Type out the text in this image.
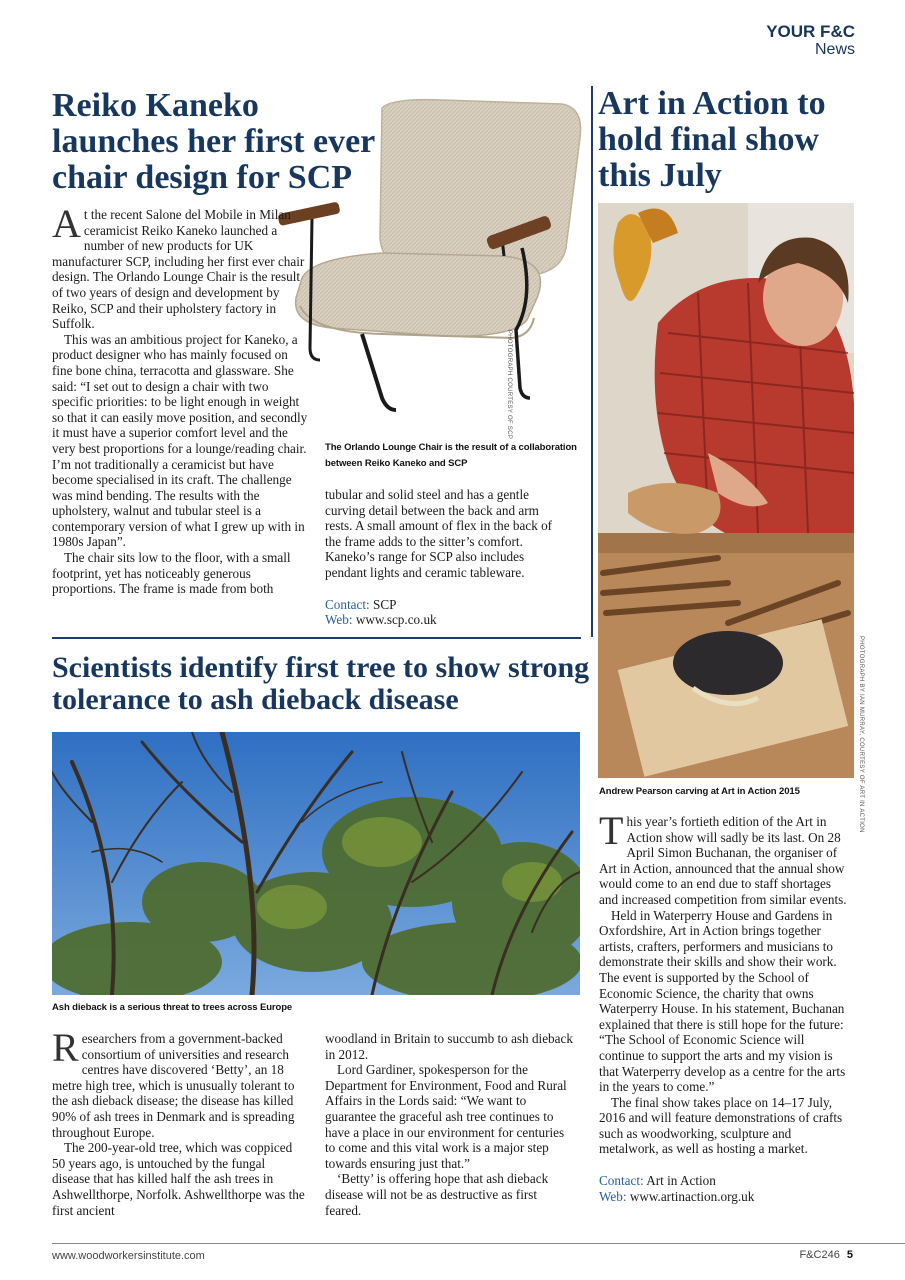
YOUR F&C
News
Reiko Kaneko launches her first ever chair design for SCP
PHOTOGRAPH COURTESY OF SCP

The Orlando Lounge Chair is the result of a collaboration between Reiko Kaneko and SCP

At the recent Salone del Mobile in Milan ceramicist Reiko Kaneko launched a number of new products for UK manufacturer SCP, including her first ever chair design. The Orlando Lounge Chair is the result of two years of design and development by Reiko, SCP and their upholstery factory in Suffolk.

This was an ambitious project for Kaneko, a product designer who has mainly focused on fine bone china, terracotta and glassware. She said: “I set out to design a chair with two specific priorities: to be light enough in weight so that it can easily move position, and secondly it must have a superior comfort level and the very best proportions for a lounge/reading chair. I’m not traditionally a ceramicist but have become specialised in its craft. The challenge was mind bending. The results with the upholstery, walnut and tubular steel is a contemporary version of what I grew up with in 1980s Japan”.

The chair sits low to the floor, with a small footprint, yet has noticeably generous proportions. The frame is made from both

tubular and solid steel and has a gentle curving detail between the back and arm rests. A small amount of flex in the back of the frame adds to the sitter’s comfort. Kaneko’s range for SCP also includes pendant lights and ceramic tableware.

Contact: SCP
Web: www.scp.co.uk
Art in Action to hold final show this July
PHOTOGRAPH BY IAN MURRAY, COURTESY OF ART IN ACTION

Andrew Pearson carving at Art in Action 2015

This year’s fortieth edition of the Art in Action show will sadly be its last. On 28 April Simon Buchanan, the organiser of Art in Action, announced that the annual show would come to an end due to staff shortages and increased competition from similar events.

Held in Waterperry House and Gardens in Oxfordshire, Art in Action brings together artists, crafters, performers and musicians to demonstrate their skills and show their work. The event is supported by the School of Economic Science, the charity that owns Waterperry House. In his statement, Buchanan explained that there is still hope for the future: “The School of Economic Science will continue to support the arts and my vision is that Waterperry develop as a centre for the arts in the years to come.”

The final show takes place on 14–17 July, 2016 and will feature demonstrations of crafts such as woodworking, sculpture and metalwork, as well as hosting a market.

Contact: Art in Action
Web: www.artinaction.org.uk
Scientists identify first tree to show strong tolerance to ash dieback disease

Ash dieback is a serious threat to trees across Europe

Researchers from a government-backed consortium of universities and research centres have discovered ‘Betty’, an 18 metre high tree, which is unusually tolerant to the ash dieback disease; the disease has killed 90% of ash trees in Denmark and is spreading throughout Europe.

The 200-year-old tree, which was coppiced 50 years ago, is untouched by the fungal disease that has killed half the ash trees in Ashwellthorpe, Norfolk. Ashwellthorpe was the first ancient

woodland in Britain to succumb to ash dieback in 2012.

Lord Gardiner, spokesperson for the Department for Environment, Food and Rural Affairs in the Lords said: “We want to guarantee the graceful ash tree continues to have a place in our environment for centuries to come and this vital work is a major step towards ensuring just that.”

‘Betty’ is offering hope that ash dieback disease will not be as destructive as first feared.

www.woodworkersinstitute.com	F&C246 5
